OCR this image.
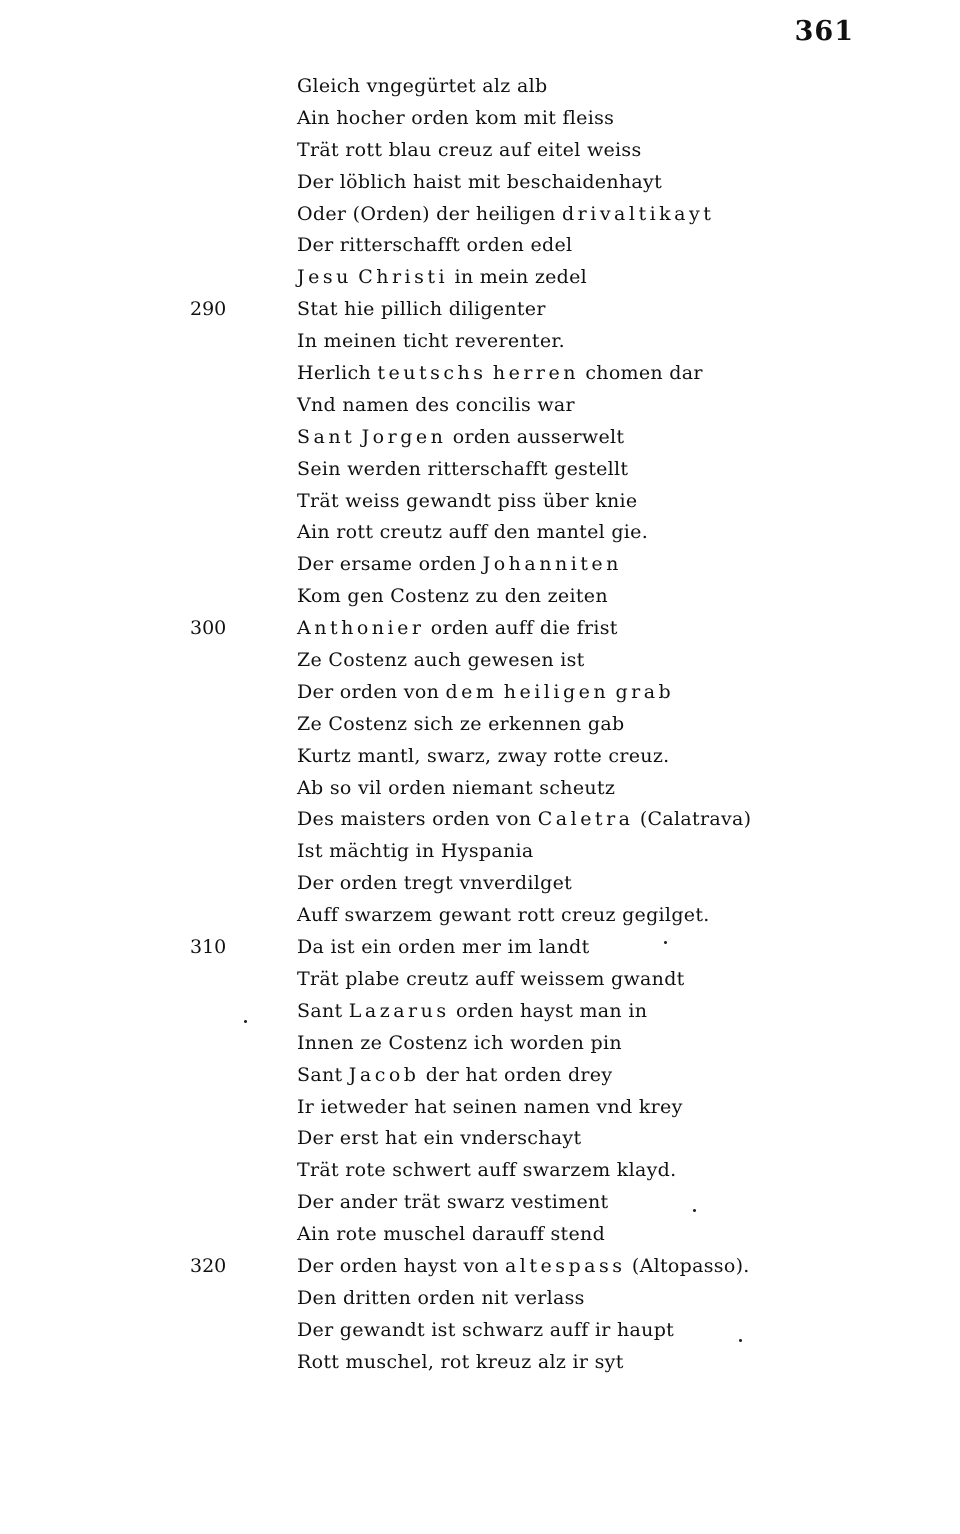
361
Gleich vngegürtet alz alb
Ain hocher orden kom mit fleiss
Trät rott blau creuz auf eitel weiss
Der löblich haist mit beschaidenhayt
Oder (Orden) der heiligen drivaltikayt
Der ritterschafft orden edel
Jesu Christi in mein zedel
290	Stat hie pillich diligenter
In meinen ticht reverenter.
Herlich teutschs herren chomen dar
Vnd namen des concilis war
Sant Jorgen orden ausserwelt
Sein werden ritterschafft gestellt
Trät weiss gewandt piss über knie
Ain rott creutz auff den mantel gie.
Der ersame orden Johanniten
Kom gen Costenz zu den zeiten
300	Anthonier orden auff die frist
Ze Costenz auch gewesen ist
Der orden von dem heiligen grab
Ze Costenz sich ze erkennen gab
Kurtz mantl, swarz, zway rotte creuz.
Ab so vil orden niemant scheutz
Des maisters orden von Caletra (Calatrava)
Ist mächtig in Hyspania
Der orden tregt vnverdilget
Auff swarzem gewant rott creuz gegilget.
310	Da ist ein orden mer im landt
Trät plabe creutz auff weissem gwandt
Sant Lazarus orden hayst man in
Innen ze Costenz ich worden pin
Sant Jacob der hat orden drey
Ir ietweder hat seinen namen vnd krey
Der erst hat ein vnderschayt
Trät rote schwert auff swarzem klayd.
Der ander trät swarz vestiment
Ain rote muschel darauff stend
320	Der orden hayst von altespass (Altopasso).
Den dritten orden nit verlass
Der gewandt ist schwarz auff ir haupt
Rott muschel, rot kreuz alz ir syt
